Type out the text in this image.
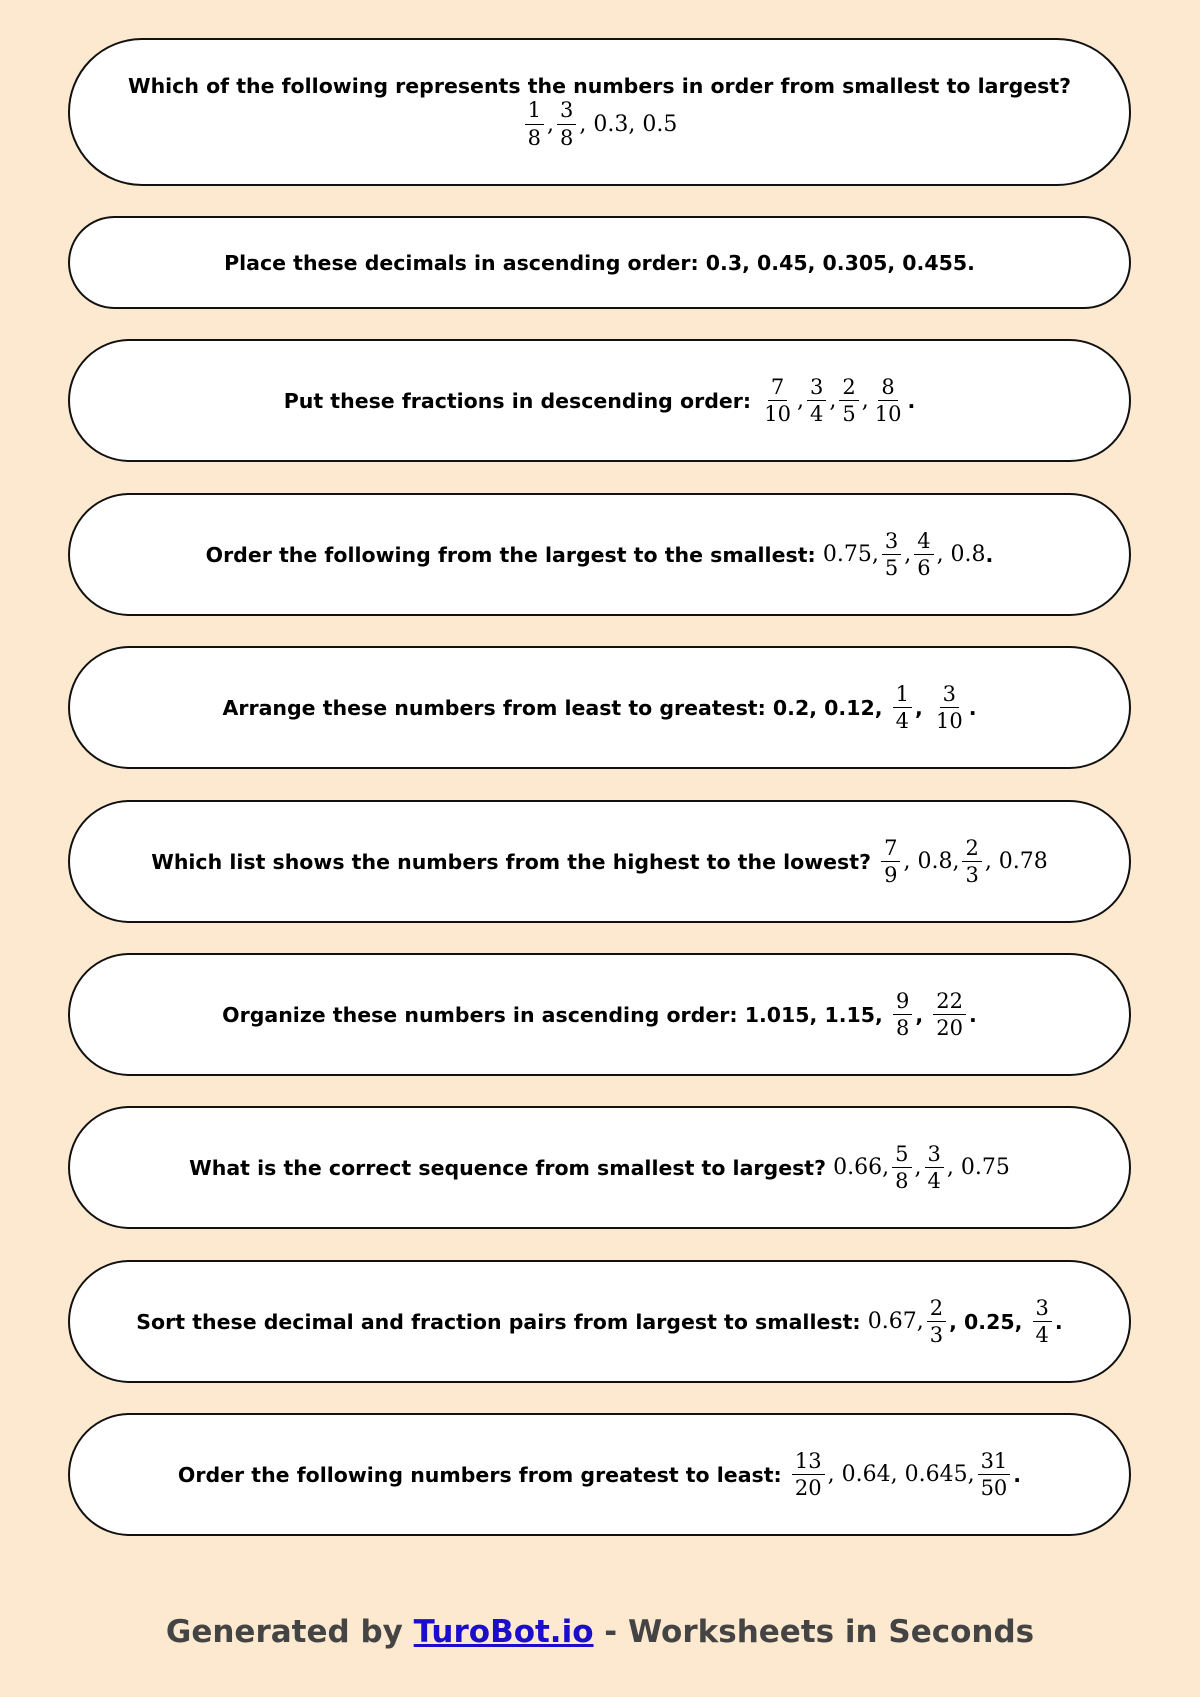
Which of the following represents the numbers in order from smallest to largest?
$\frac{1}{8}$ , $\frac{3}{8}$ , 0.3, 0.5
Place these decimals in ascending order: 0.3, 0.45, 0.305, 0.455.
Put these fractions in descending order: $\frac{7}{10}$ , $\frac{3}{4}$ , $\frac{2}{5}$ , $\frac{8}{10}$ .
Order the following from the largest to the smallest: 0.75, $\frac{3}{5}$ , $\frac{4}{6}$ , 0.8 .
Arrange these numbers from least to greatest: 0.2, 0.12, $\frac{1}{4}$ , $\frac{3}{10}$ .
Which list shows the numbers from the highest to the lowest? $\frac{7}{9}$ , 0.8, $\frac{2}{3}$ , 0.78
Organize these numbers in ascending order: 1.015, 1.15, $\frac{9}{8}$ , $\frac{22}{20}$ .
What is the correct sequence from smallest to largest? 0.66, $\frac{5}{8}$ , $\frac{3}{4}$ , 0.75
Sort these decimal and fraction pairs from largest to smallest: 0.67, $\frac{2}{3}$ , 0.25, $\frac{3}{4}$ .
Order the following numbers from greatest to least: $\frac{13}{20}$ , 0.64, 0.645, $\frac{31}{50}$ .
Generated by TuroBot.io - Worksheets in Seconds
